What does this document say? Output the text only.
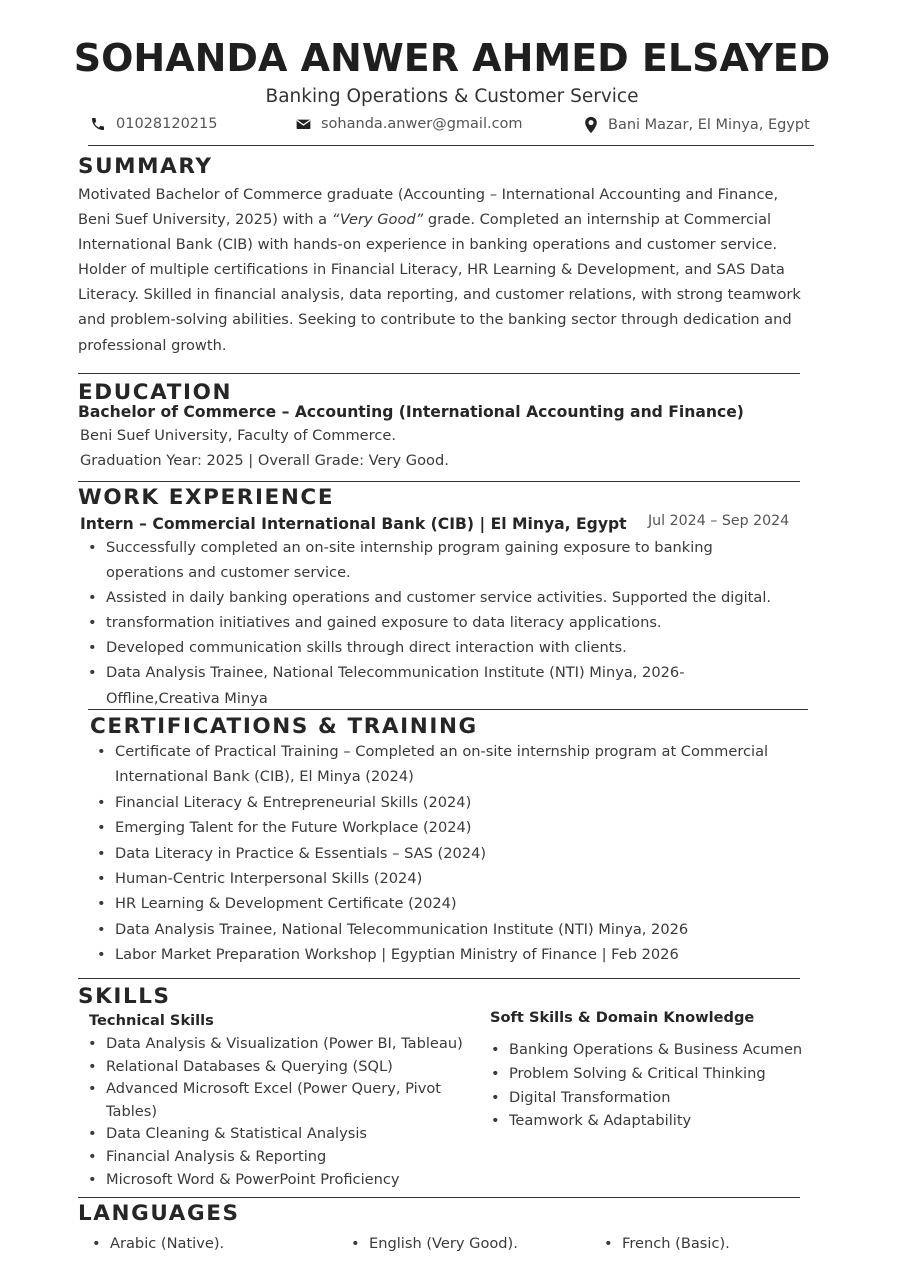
SOHANDA ANWER AHMED ELSAYED
Banking Operations & Customer Service
01028120215	sohanda.anwer@gmail.com	Bani Mazar, El Minya, Egypt
SUMMARY
Motivated Bachelor of Commerce graduate (Accounting – International Accounting and Finance, Beni Suef University, 2025) with a “Very Good” grade. Completed an internship at Commercial International Bank (CIB) with hands-on experience in banking operations and customer service. Holder of multiple certifications in Financial Literacy, HR Learning & Development, and SAS Data Literacy. Skilled in financial analysis, data reporting, and customer relations, with strong teamwork and problem-solving abilities. Seeking to contribute to the banking sector through dedication and professional growth.
EDUCATION
Bachelor of Commerce – Accounting (International Accounting and Finance)
Beni Suef University, Faculty of Commerce.
Graduation Year: 2025 | Overall Grade: Very Good.
WORK EXPERIENCE
Intern – Commercial International Bank (CIB) | El Minya, Egypt Jul 2024 – Sep 2024
• Successfully completed an on-site internship program gaining exposure to banking operations and customer service.
• Assisted in daily banking operations and customer service activities. Supported the digital.
• transformation initiatives and gained exposure to data literacy applications.
• Developed communication skills through direct interaction with clients.
• Data Analysis Trainee, National Telecommunication Institute (NTI) Minya, 2026-Offline,Creativa Minya
CERTIFICATIONS & TRAINING
• Certificate of Practical Training – Completed an on-site internship program at Commercial International Bank (CIB), El Minya (2024)
• Financial Literacy & Entrepreneurial Skills (2024)
• Emerging Talent for the Future Workplace (2024)
• Data Literacy in Practice & Essentials – SAS (2024)
• Human-Centric Interpersonal Skills (2024)
• HR Learning & Development Certificate (2024)
• Data Analysis Trainee, National Telecommunication Institute (NTI) Minya, 2026
• Labor Market Preparation Workshop | Egyptian Ministry of Finance | Feb 2026
SKILLS
Technical Skills
• Data Analysis & Visualization (Power BI, Tableau)
• Relational Databases & Querying (SQL)
• Advanced Microsoft Excel (Power Query, Pivot Tables)
• Data Cleaning & Statistical Analysis
• Financial Analysis & Reporting
• Microsoft Word & PowerPoint Proficiency
Soft Skills & Domain Knowledge
• Banking Operations & Business Acumen
• Problem Solving & Critical Thinking
• Digital Transformation
• Teamwork & Adaptability
LANGUAGES
• Arabic (Native).	• English (Very Good).	• French (Basic).
